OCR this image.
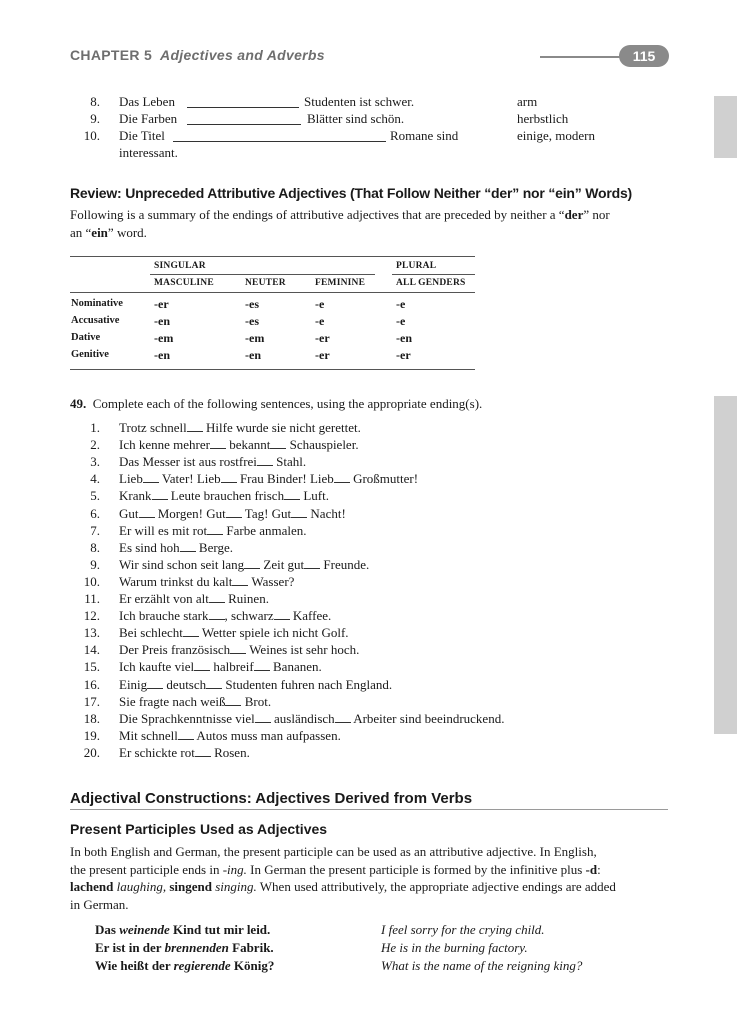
CHAPTER 5 Adjectives and Adverbs	115
8. Das Leben	Studenten ist schwer.	arm
9. Die Farben	Blätter sind schön.	herbstlich
10. Die Titel	Romane sind	einige, modern
interessant.
Review: Unpreceded Attributive Adjectives (That Follow Neither “der” nor “ein” Words)
Following is a summary of the endings of attributive adjectives that are preceded by neither a “der” nor
an “ein” word.
SINGULAR	PLURAL
MASCULINE	NEUTER	FEMININE	ALL GENDERS
Nominative	-er	-es	-e	-e
Accusative	-en	-es	-e	-e
Dative	-em	-em	-er	-en
Genitive	-en	-en	-er	-er
49. Complete each of the following sentences, using the appropriate ending(s).
1. Trotz schnell Hilfe wurde sie nicht gerettet.
2. Ich kenne mehrer bekannt Schauspieler.
3. Das Messer ist aus rostfrei Stahl.
4. Lieb Vater! Lieb Frau Binder! Lieb Großmutter!
5. Krank Leute brauchen frisch Luft.
6. Gut Morgen! Gut Tag! Gut Nacht!
7. Er will es mit rot Farbe anmalen.
8. Es sind hoh Berge.
9. Wir sind schon seit lang Zeit gut Freunde.
10. Warum trinkst du kalt Wasser?
11. Er erzählt von alt Ruinen.
12. Ich brauche stark , schwarz Kaffee.
13. Bei schlecht Wetter spiele ich nicht Golf.
14. Der Preis französisch Weines ist sehr hoch.
15. Ich kaufte viel halbreif Bananen.
16. Einig deutsch Studenten fuhren nach England.
17. Sie fragte nach weiß Brot.
18. Die Sprachkenntnisse viel ausländisch Arbeiter sind beeindruckend.
19. Mit schnell Autos muss man aufpassen.
20. Er schickte rot Rosen.
Adjectival Constructions: Adjectives Derived from Verbs
Present Participles Used as Adjectives
In both English and German, the present participle can be used as an attributive adjective. In English,
the present participle ends in -ing. In German the present participle is formed by the infinitive plus -d:
lachend laughing, singend singing. When used attributively, the appropriate adjective endings are added
in German.
Das weinende Kind tut mir leid.	I feel sorry for the crying child.
Er ist in der brennenden Fabrik.	He is in the burning factory.
Wie heißt der regierende König?	What is the name of the reigning king?
